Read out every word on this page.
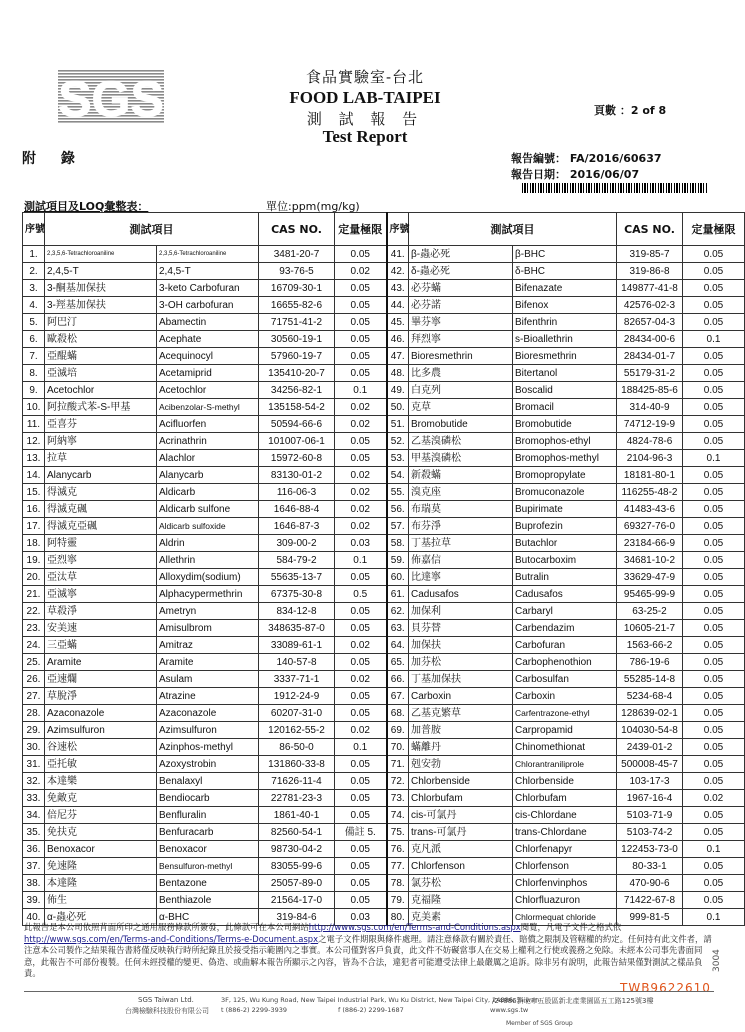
SGS	食品實驗室-台北
FOOD LAB-TAIPEI
測 試 報 告
Test Report
頁數 ：2 of 8
附 錄	報告編號： FA/2016/60637
報告日期： 2016/06/07
測試項目及LOQ彙整表：	單位:ppm(mg/kg)
序號	測試項目		CAS NO.	定量極限	序號	測試項目		CAS NO.	定量極限
1.	2,3,5,6-Tetrachloroaniline	2,3,5,6-Tetrachloroaniline	3481-20-7	0.05	41.	β-蟲必死	β-BHC	319-85-7	0.05
2.	2,4,5-T	2,4,5-T	93-76-5	0.02	42.	δ-蟲必死	δ-BHC	319-86-8	0.05
3.	3-酮基加保扶	3-keto Carbofuran	16709-30-1	0.05	43.	必芬蟎	Bifenazate	149877-41-8	0.05
4.	3-羥基加保扶	3-OH carbofuran	16655-82-6	0.05	44.	必芬諾	Bifenox	42576-02-3	0.05
5.	阿巴汀	Abamectin	71751-41-2	0.05	45.	畢芬寧	Bifenthrin	82657-04-3	0.05
6.	歐殺松	Acephate	30560-19-1	0.05	46.	拜烈寧	s-Bioallethrin	28434-00-6	0.1
7.	亞醌蟎	Acequinocyl	57960-19-7	0.05	47.	Bioresmethrin	Bioresmethrin	28434-01-7	0.05
8.	亞滅培	Acetamiprid	135410-20-7	0.05	48.	比多農	Bitertanol	55179-31-2	0.05
9.	Acetochlor	Acetochlor	34256-82-1	0.1	49.	白克列	Boscalid	188425-85-6	0.05
10.	阿拉酸式苯-S-甲基	Acibenzolar-S-methyl	135158-54-2	0.02	50.	克草	Bromacil	314-40-9	0.05
11.	亞喜芬	Acifluorfen	50594-66-6	0.02	51.	Bromobutide	Bromobutide	74712-19-9	0.05
12.	阿納寧	Acrinathrin	101007-06-1	0.05	52.	乙基溴磷松	Bromophos-ethyl	4824-78-6	0.05
13.	拉草	Alachlor	15972-60-8	0.05	53.	甲基溴磷松	Bromophos-methyl	2104-96-3	0.1
14.	Alanycarb	Alanycarb	83130-01-2	0.02	54.	新殺蟎	Bromopropylate	18181-80-1	0.05
15.	得滅克	Aldicarb	116-06-3	0.02	55.	溴克座	Bromuconazole	116255-48-2	0.05
16.	得滅克碸	Aldicarb sulfone	1646-88-4	0.02	56.	布瑞莫	Bupirimate	41483-43-6	0.05
17.	得滅克亞碸	Aldicarb sulfoxide	1646-87-3	0.02	57.	布芬淨	Buprofezin	69327-76-0	0.05
18.	阿特靈	Aldrin	309-00-2	0.03	58.	丁基拉草	Butachlor	23184-66-9	0.05
19.	亞烈寧	Allethrin	584-79-2	0.1	59.	佈嘉信	Butocarboxim	34681-10-2	0.05
20.	亞汰草	Alloxydim(sodium)	55635-13-7	0.05	60.	比達寧	Butralin	33629-47-9	0.05
21.	亞滅寧	Alphacypermethrin	67375-30-8	0.5	61.	Cadusafos	Cadusafos	95465-99-9	0.05
22.	草殺淨	Ametryn	834-12-8	0.05	62.	加保利	Carbaryl	63-25-2	0.05
23.	安美速	Amisulbrom	348635-87-0	0.05	63.	貝芬替	Carbendazim	10605-21-7	0.05
24.	三亞蟎	Amitraz	33089-61-1	0.02	64.	加保扶	Carbofuran	1563-66-2	0.05
25.	Aramite	Aramite	140-57-8	0.05	65.	加芬松	Carbophenothion	786-19-6	0.05
26.	亞速爛	Asulam	3337-71-1	0.02	66.	丁基加保扶	Carbosulfan	55285-14-8	0.05
27.	草脫淨	Atrazine	1912-24-9	0.05	67.	Carboxin	Carboxin	5234-68-4	0.05
28.	Azaconazole	Azaconazole	60207-31-0	0.05	68.	乙基克繁草	Carfentrazone-ethyl	128639-02-1	0.05
29.	Azimsulfuron	Azimsulfuron	120162-55-2	0.02	69.	加普胺	Carpropamid	104030-54-8	0.05
30.	谷速松	Azinphos-methyl	86-50-0	0.1	70.	蟎離丹	Chinomethionat	2439-01-2	0.05
31.	亞托敏	Azoxystrobin	131860-33-8	0.05	71.	剋安勃	Chlorantraniliprole	500008-45-7	0.05
32.	本達樂	Benalaxyl	71626-11-4	0.05	72.	Chlorbenside	Chlorbenside	103-17-3	0.05
33.	免敵克	Bendiocarb	22781-23-3	0.05	73.	Chlorbufam	Chlorbufam	1967-16-4	0.02
34.	倍尼芬	Benfluralin	1861-40-1	0.05	74.	cis-可氯丹	cis-Chlordane	5103-71-9	0.05
35.	免扶克	Benfuracarb	82560-54-1	備註 5.	75.	trans-可氯丹	trans-Chlordane	5103-74-2	0.05
36.	Benoxacor	Benoxacor	98730-04-2	0.05	76.	克凡派	Chlorfenapyr	122453-73-0	0.1
37.	免速隆	Bensulfuron-methyl	83055-99-6	0.05	77.	Chlorfenson	Chlorfenson	80-33-1	0.05
38.	本達隆	Bentazone	25057-89-0	0.05	78.	氯芬松	Chlorfenvinphos	470-90-6	0.05
39.	佈生	Benthiazole	21564-17-0	0.05	79.	克福隆	Chlorfluazuron	71422-67-8	0.05
40.	α-蟲必死	α-BHC	319-84-6	0.03	80.	克美素	Chlormequat chloride	999-81-5	0.1
此報告是本公司依照背面所印之通用服務條款所簽發，此條款可在本公司網站http://www.sgs.com/en/Terms-and-Conditions.aspx閱覽，凡電子文件之格式依http://www.sgs.com/en/Terms-and-Conditions/Terms-e-Document.aspx之電子文件期限與條件處理。請注意條款有關於責任、賠償之限制及管轄權的約定。任何持有此文件者，請注意本公司製作之結果報告書將僅反映執行時所紀錄且於接受指示範圍內之事實。本公司僅對客戶負責，此文件不妨礙當事人在交易上權利之行使或義務之免除。未經本公司事先書面同意，此報告不可部份複製。任何未經授權的變更、偽造、或曲解本報告所顯示之內容，皆為不合法，違犯者可能遭受法律上最嚴厲之追訴。除非另有說明，此報告結果僅對測試之樣品負責。
TWB9622610
SGS Taiwan Ltd.
台灣檢驗科技股份有限公司
3F, 125, Wu Kung Road, New Taipei Industrial Park, Wu Ku District, New Taipei City, 24886, Taiwan
t (886-2) 2299-3939	f (886-2) 2299-1687	www.sgs.tw
/24886新北市五股區新北產業園區五工路125號3樓
Member of SGS Group
3004
